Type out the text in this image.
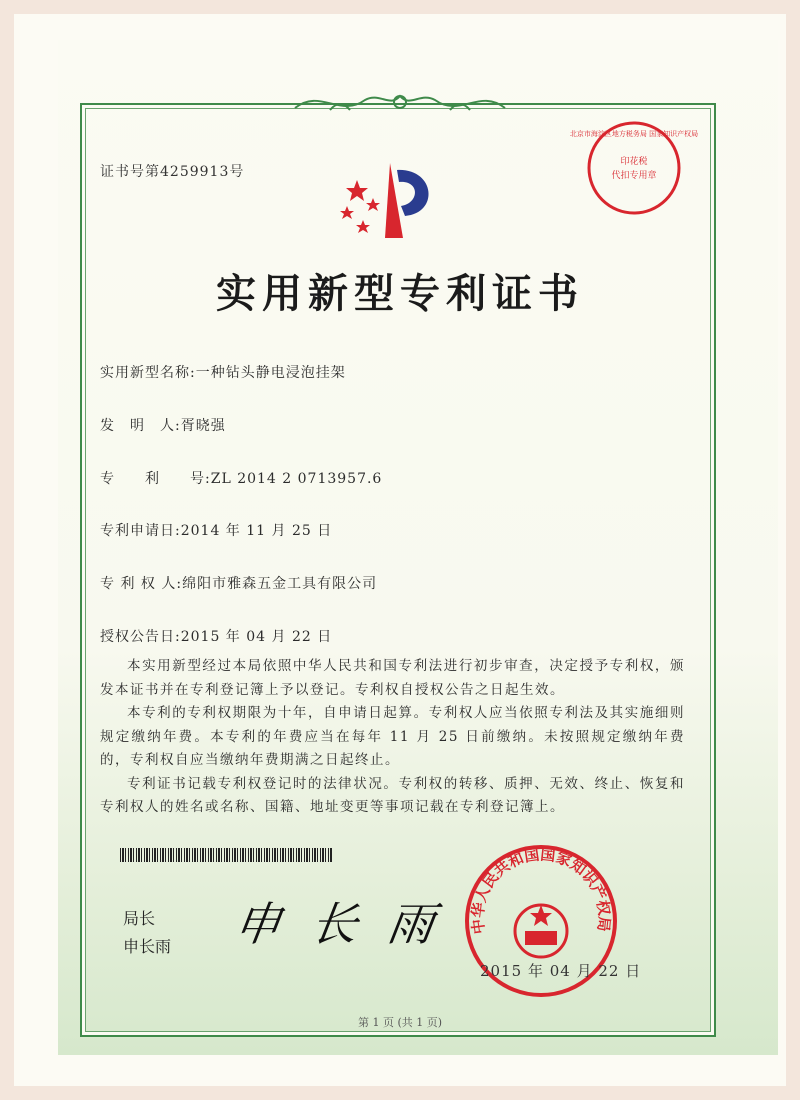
证书号第4259913号
印花税
代扣专用章
北京市海淀区地方税务局 国家知识产权局
实用新型专利证书
实用新型名称:一种钻头静电浸泡挂架
发　明　人:胥晓强
专　　利　　号:ZL 2014 2 0713957.6
专利申请日:2014 年 11 月 25 日
专 利 权 人:绵阳市雅森五金工具有限公司
授权公告日:2015 年 04 月 22 日

本实用新型经过本局依照中华人民共和国专利法进行初步审查，决定授予专利权，颁发本证书并在专利登记簿上予以登记。专利权自授权公告之日起生效。

本专利的专利权期限为十年，自申请日起算。专利权人应当依照专利法及其实施细则规定缴纳年费。本专利的年费应当在每年 11 月 25 日前缴纳。未按照规定缴纳年费的，专利权自应当缴纳年费期满之日起终止。

专利证书记载专利权登记时的法律状况。专利权的转移、质押、无效、终止、恢复和专利权人的姓名或名称、国籍、地址变更等事项记载在专利登记簿上。

局长
申长雨 申 长 雨 中华人民共和国国家知识产权局
2015 年 04 月 22 日
第 1 页 (共 1 页)
